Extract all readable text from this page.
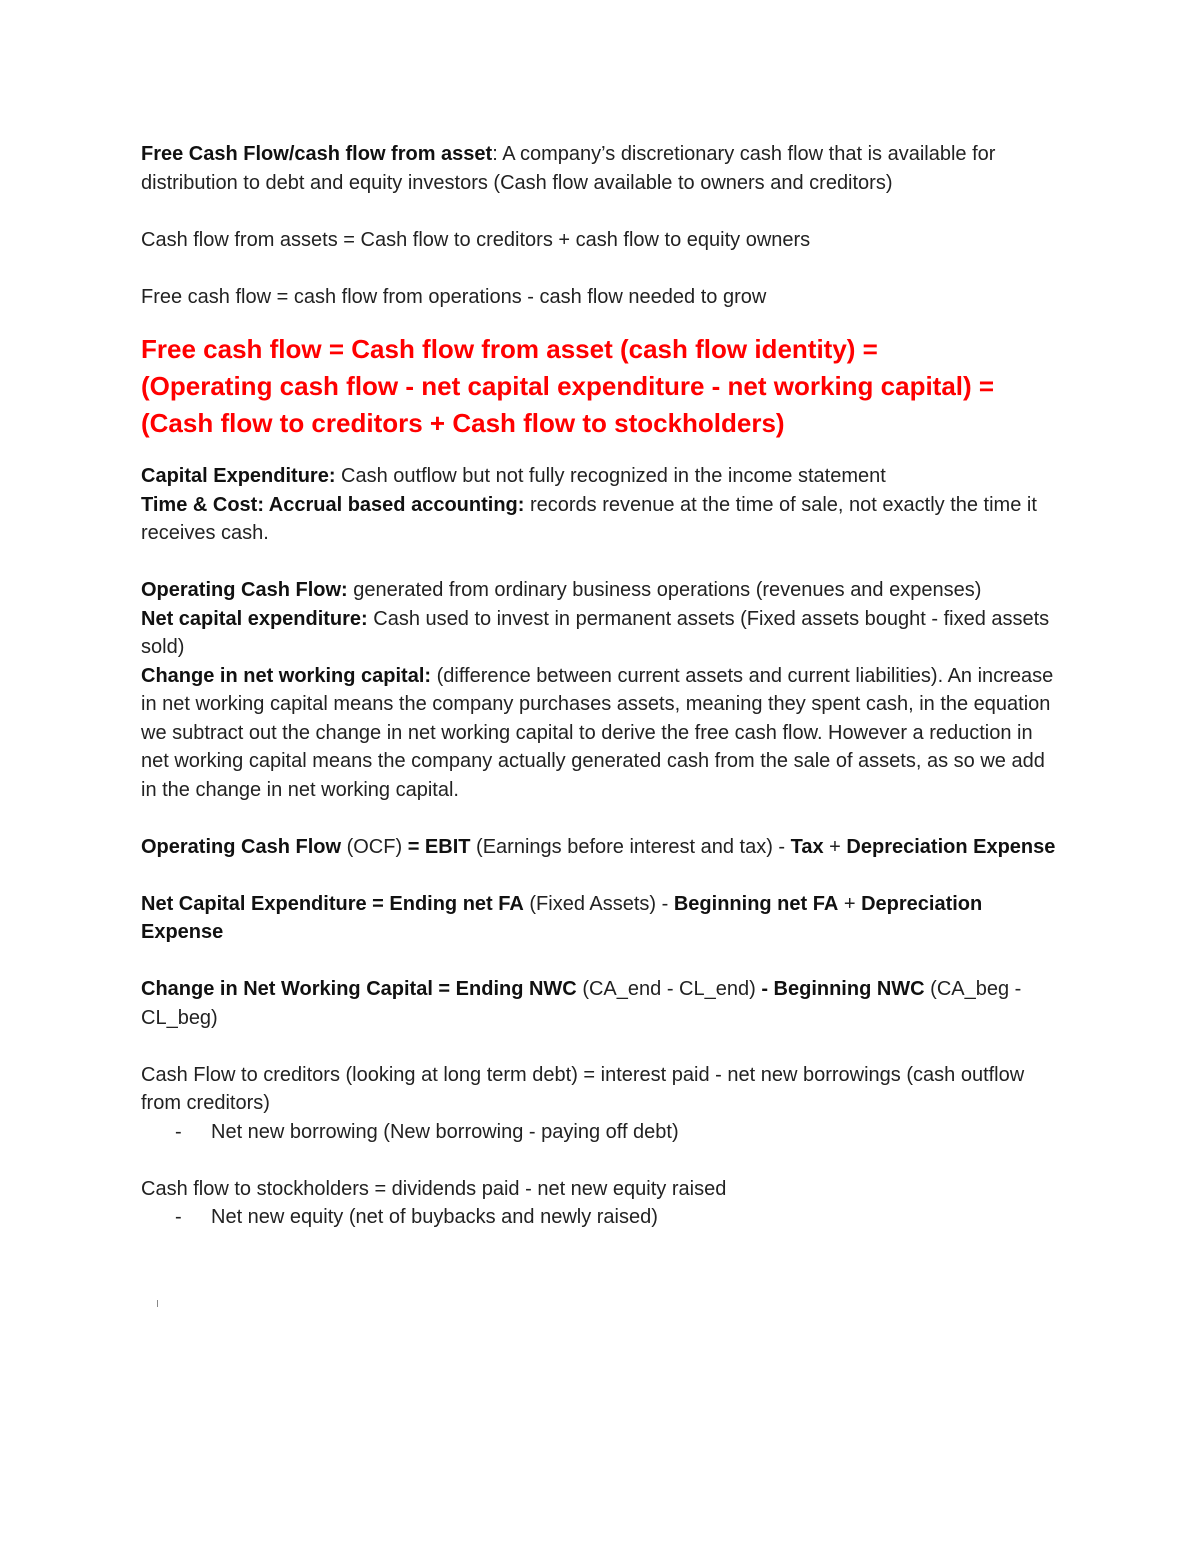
Free Cash Flow/cash flow from asset: A company’s discretionary cash flow that is available for distribution to debt and equity investors (Cash flow available to owners and creditors)

Cash flow from assets = Cash flow to creditors + cash flow to equity owners

Free cash flow = cash flow from operations - cash flow needed to grow

Free cash flow = Cash flow from asset (cash flow identity) =

(Operating cash flow - net capital expenditure - net working capital) =

(Cash flow to creditors + Cash flow to stockholders)

Capital Expenditure: Cash outflow but not fully recognized in the income statement

Time & Cost: Accrual based accounting: records revenue at the time of sale, not exactly the time it receives cash.

Operating Cash Flow: generated from ordinary business operations (revenues and expenses)

Net capital expenditure: Cash used to invest in permanent assets (Fixed assets bought - fixed assets sold)

Change in net working capital: (difference between current assets and current liabilities). An increase in net working capital means the company purchases assets, meaning they spent cash, in the equation we subtract out the change in net working capital to derive the free cash flow. However a reduction in net working capital means the company actually generated cash from the sale of assets, as so we add in the change in net working capital.

Operating Cash Flow (OCF) = EBIT (Earnings before interest and tax) - Tax + Depreciation Expense

Net Capital Expenditure = Ending net FA (Fixed Assets) - Beginning net FA + Depreciation Expense

Change in Net Working Capital = Ending NWC (CA_end - CL_end) - Beginning NWC (CA_beg - CL_beg)

Cash Flow to creditors (looking at long term debt) = interest paid - net new borrowings (cash outflow from creditors)

- Net new borrowing (New borrowing - paying off debt)

Cash flow to stockholders = dividends paid - net new equity raised

- Net new equity (net of buybacks and newly raised)
